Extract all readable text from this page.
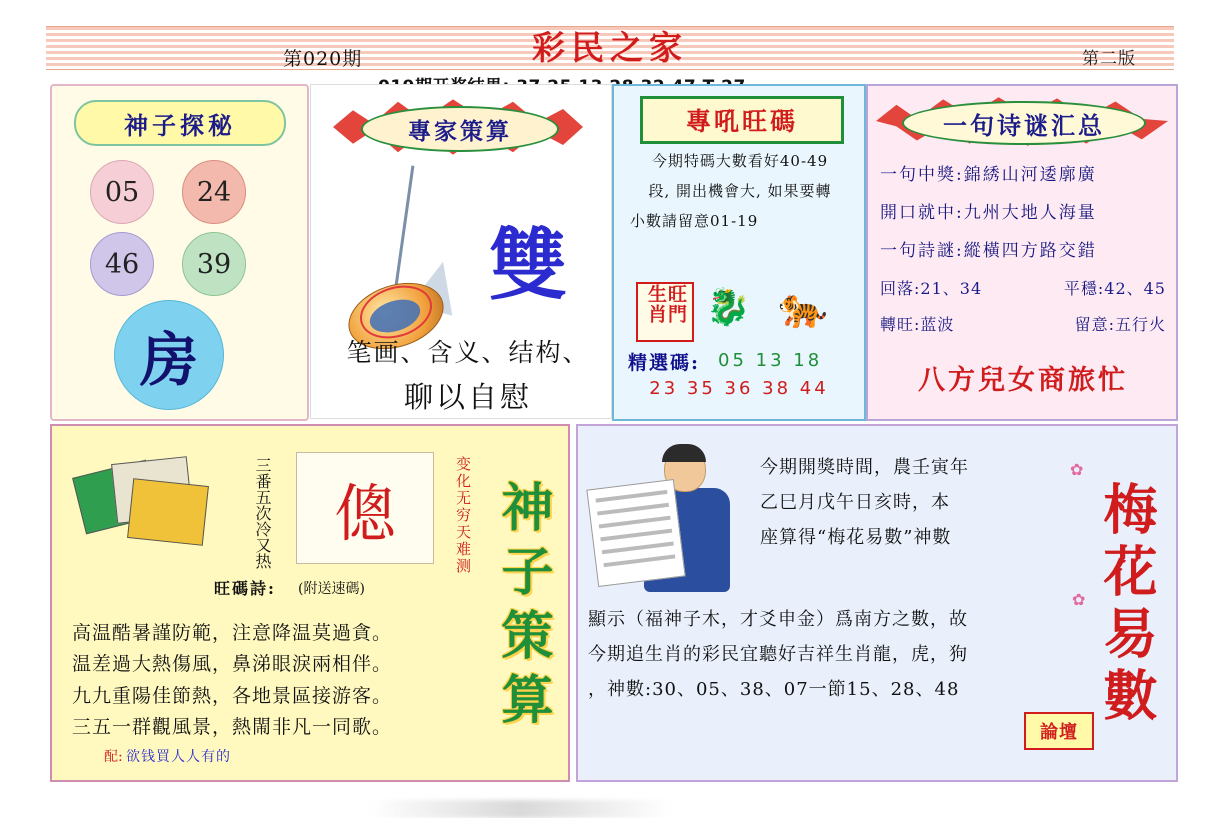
彩民之家
第020期	第二版
神子探秘
05	24
46	39
房
專家策算
雙
笔画、含义、结构、
聊以自慰
專吼旺碼
今期特碼大數看好40-49
段, 開出機會大, 如果要轉
小數請留意01-19
旺門生肖	🐉 🐅
精選碼: 05 13 18
23 35 36 38 44
一句诗谜汇总
一句中獎:錦綉山河逶廓廣
開口就中:九州大地人海量
一句詩謎:縱橫四方路交錯
回落:21、34	平穩:42、45
轉旺:蓝波	留意:五行火
八方兒女商旅忙
三番五次冷又热 傯	变化无穷天难测 神子策算
旺碼詩: (附送速碼)
高温酷暑謹防範，注意降温莫過貪。
温差過大熱傷風，鼻涕眼淚兩相伴。
九九重陽佳節熱，各地景區接游客。
三五一群觀風景，熱閙非凡一同歌。
配: 欲钱買人人有的
今期開獎時間，農壬寅年
乙巳月戊午日亥時，本
座算得“梅花易數”神數
顯示（福神子木，才爻申金）爲南方之數，故
今期追生肖的彩民宜聽好吉祥生肖龍，虎，狗
，神數:30、05、38、07一節15、28、48
✿
✿ 梅花易數
論壇
